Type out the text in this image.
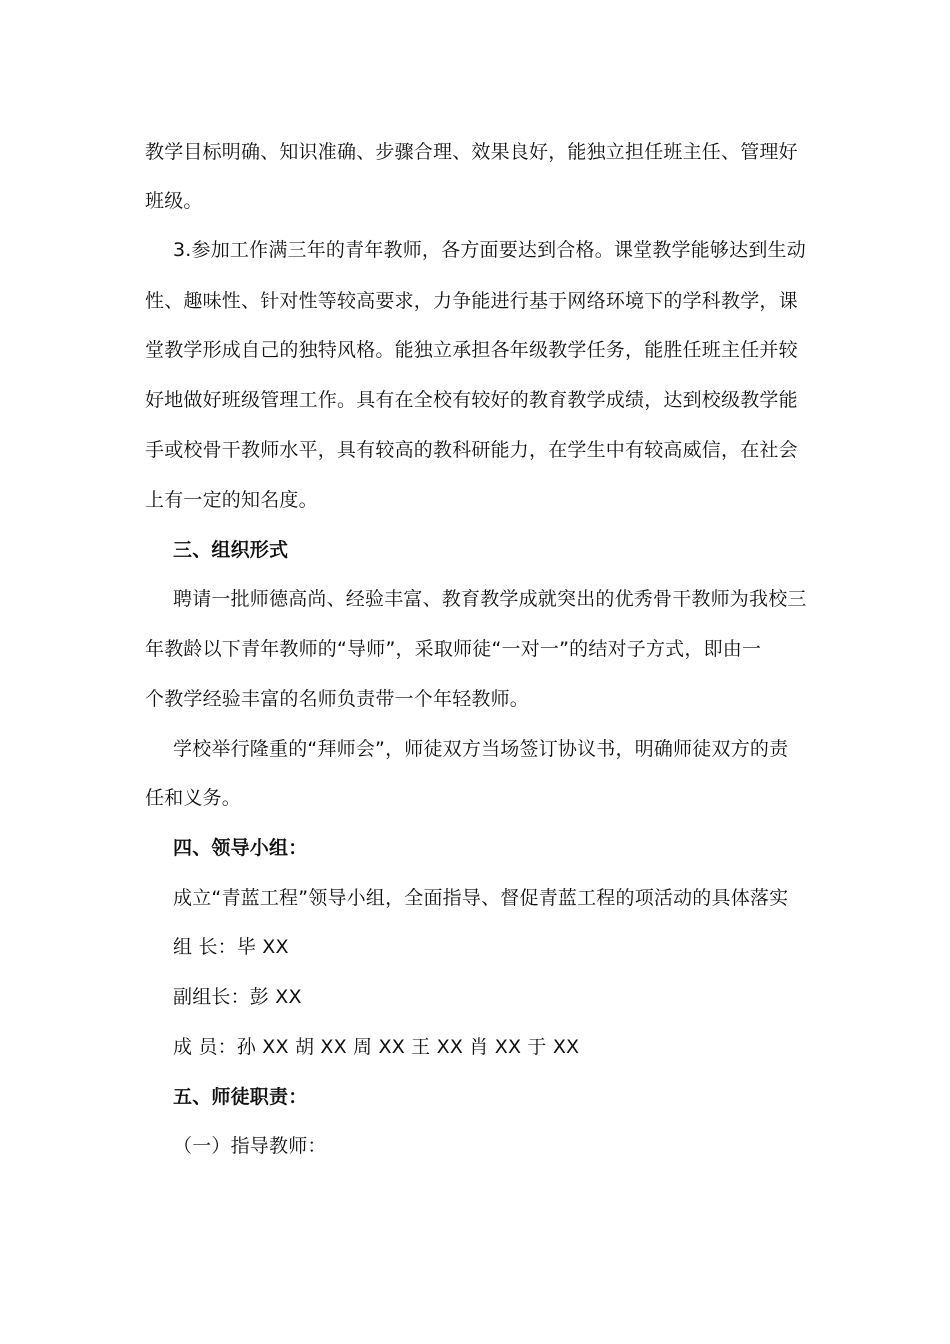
教学目标明确、知识准确、步骤合理、效果良好，能独立担任班主任、管理好
班级。
3.参加工作满三年的青年教师，各方面要达到合格。课堂教学能够达到生动
性、趣味性、针对性等较高要求，力争能进行基于网络环境下的学科教学，课
堂教学形成自己的独特风格。能独立承担各年级教学任务，能胜任班主任并较
好地做好班级管理工作。具有在全校有较好的教育教学成绩，达到校级教学能
手或校骨干教师水平，具有较高的教科研能力，在学生中有较高威信，在社会
上有一定的知名度。
三、组织形式
聘请一批师德高尚、经验丰富、教育教学成就突出的优秀骨干教师为我校三
年教龄以下青年教师的“导师”，采取师徒“一对一”的结对子方式，即由一
个教学经验丰富的名师负责带一个年轻教师。
学校举行隆重的“拜师会”，师徒双方当场签订协议书，明确师徒双方的责
任和义务。
四、领导小组：
成立“青蓝工程”领导小组，全面指导、督促青蓝工程的项活动的具体落实
组 长：毕 XX
副组长：彭 XX
成 员：孙 XX 胡 XX 周 XX 王 XX 肖 XX 于 XX
五、师徒职责：
（一）指导教师：
